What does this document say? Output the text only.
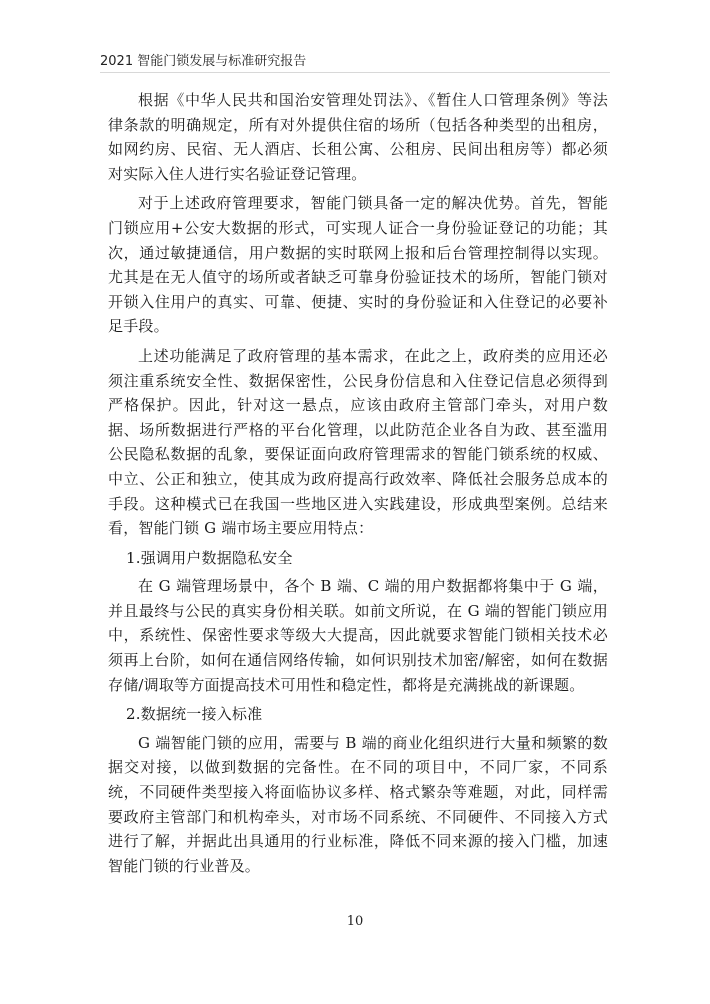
2021 智能门锁发展与标准研究报告

根据《中华人民共和国治安管理处罚法》、《暂住人口管理条例》等法律条款的明确规定，所有对外提供住宿的场所（包括各种类型的出租房，如网约房、民宿、无人酒店、长租公寓、公租房、民间出租房等）都必须对实际入住人进行实名验证登记管理。

对于上述政府管理要求，智能门锁具备一定的解决优势。首先，智能门锁应用+公安大数据的形式，可实现人证合一身份验证登记的功能；其次，通过敏捷通信，用户数据的实时联网上报和后台管理控制得以实现。尤其是在无人值守的场所或者缺乏可靠身份验证技术的场所，智能门锁对开锁入住用户的真实、可靠、便捷、实时的身份验证和入住登记的必要补足手段。

上述功能满足了政府管理的基本需求，在此之上，政府类的应用还必须注重系统安全性、数据保密性，公民身份信息和入住登记信息必须得到严格保护。因此，针对这一悬点，应该由政府主管部门牵头，对用户数据、场所数据进行严格的平台化管理，以此防范企业各自为政、甚至滥用公民隐私数据的乱象，要保证面向政府管理需求的智能门锁系统的权威、中立、公正和独立，使其成为政府提高行政效率、降低社会服务总成本的手段。这种模式已在我国一些地区进入实践建设，形成典型案例。总结来看，智能门锁 G 端市场主要应用特点：

1.强调用户数据隐私安全

在 G 端管理场景中，各个 B 端、C 端的用户数据都将集中于 G 端，并且最终与公民的真实身份相关联。如前文所说，在 G 端的智能门锁应用中，系统性、保密性要求等级大大提高，因此就要求智能门锁相关技术必须再上台阶，如何在通信网络传输，如何识别技术加密/解密，如何在数据存储/调取等方面提高技术可用性和稳定性，都将是充满挑战的新课题。

2.数据统一接入标准

G 端智能门锁的应用，需要与 B 端的商业化组织进行大量和频繁的数据交对接，以做到数据的完备性。在不同的项目中，不同厂家，不同系统，不同硬件类型接入将面临协议多样、格式繁杂等难题，对此，同样需要政府主管部门和机构牵头，对市场不同系统、不同硬件、不同接入方式进行了解，并据此出具通用的行业标准，降低不同来源的接入门槛，加速智能门锁的行业普及。

10
